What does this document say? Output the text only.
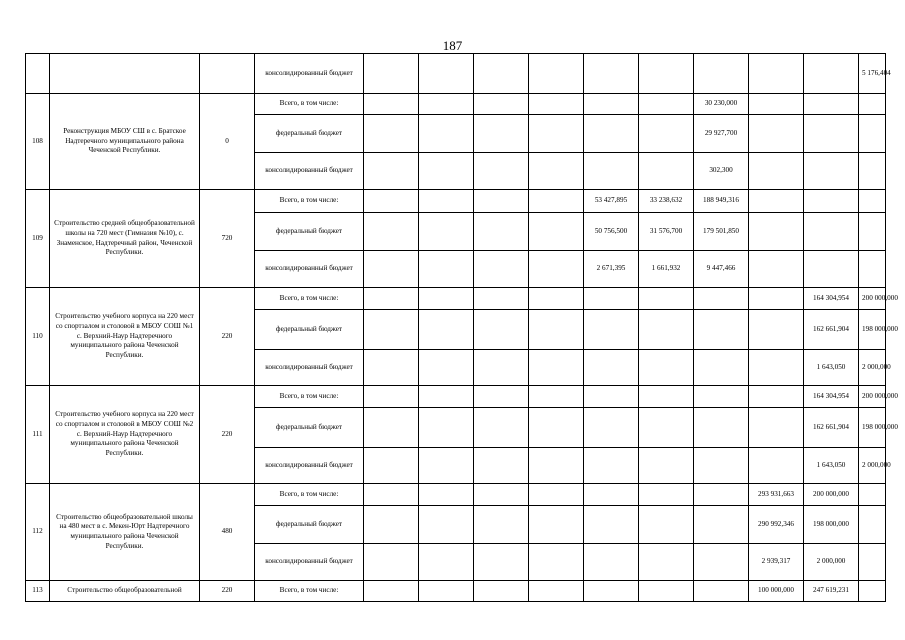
187
			консолидированный бюджет										5 176,404
108	Реконструкция МБОУ СШ в с. Братское Надтеречного муниципального района Чеченской Республики.	0	Всего, в том числе:							30 230,000			
			федеральный бюджет							29 927,700			
			консолидированный бюджет							302,300			
109	Строительство средней общеобразовательной школы на 720 мест (Гимназия №10), с. Знаменское, Надтеречный район, Чеченской Республики.	720	Всего, в том числе:					53 427,895	33 238,632	188 949,316			
			федеральный бюджет					50 756,500	31 576,700	179 501,850			
			консолидированный бюджет					2 671,395	1 661,932	9 447,466			
110	Строительство учебного корпуса на 220 мест со спортзалом и столовой в МБОУ СОШ №1 с. Верхний-Наур Надтеречного муниципального района Чеченской Республики.	220	Всего, в том числе:									164 304,954	200 000,000
			федеральный бюджет									162 661,904	198 000,000
			консолидированный бюджет									1 643,050	2 000,000
111	Строительство учебного корпуса на 220 мест со спортзалом и столовой в МБОУ СОШ №2 с. Верхний-Наур Надтеречного муниципального района Чеченской Республики.	220	Всего, в том числе:									164 304,954	200 000,000
			федеральный бюджет									162 661,904	198 000,000
			консолидированный бюджет									1 643,050	2 000,000
112	Строительство общеобразовательной школы на 480 мест в с. Мекен-Юрт Надтеречного муниципального района Чеченской Республики.	480	Всего, в том числе:								293 931,663	200 000,000	
			федеральный бюджет								290 992,346	198 000,000	
			консолидированный бюджет								2 939,317	2 000,000	
113	Строительство общеобразовательной	220	Всего, в том числе:								100 000,000	247 619,231	
